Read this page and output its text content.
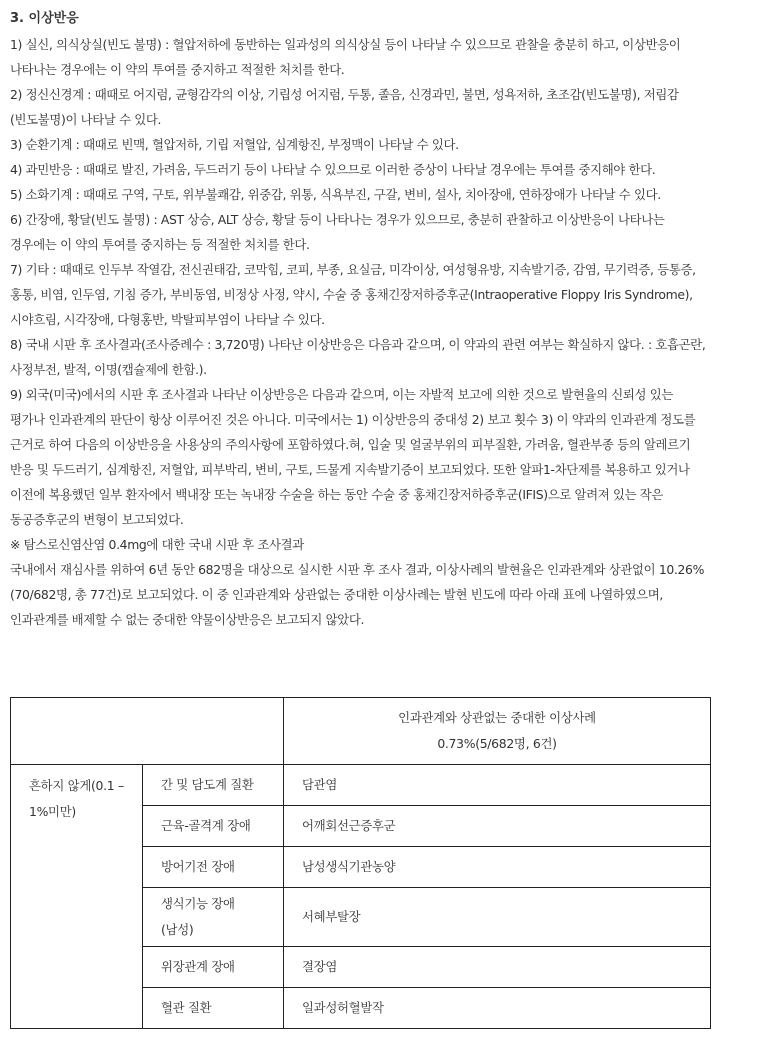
3. 이상반응

1) 실신, 의식상실(빈도 불명) : 혈압저하에 동반하는 일과성의 의식상실 등이 나타날 수 있으므로 관찰을 충분히 하고, 이상반응이 나타나는 경우에는 이 약의 투여를 중지하고 적절한 처치를 한다.

2) 정신신경계 : 때때로 어지럼, 균형감각의 이상, 기립성 어지럼, 두통, 졸음, 신경과민, 불면, 성욕저하, 초조감(빈도불명), 저림감(빈도불명)이 나타날 수 있다.

3) 순환기계 : 때때로 빈맥, 혈압저하, 기립 저혈압, 심계항진, 부정맥이 나타날 수 있다.

4) 과민반응 : 때때로 발진, 가려움, 두드러기 등이 나타날 수 있으므로 이러한 증상이 나타날 경우에는 투여를 중지해야 한다.

5) 소화기계 : 때때로 구역, 구토, 위부불쾌감, 위중감, 위통, 식욕부진, 구갈, 변비, 설사, 치아장애, 연하장애가 나타날 수 있다.

6) 간장애, 황달(빈도 불명) : AST 상승, ALT 상승, 황달 등이 나타나는 경우가 있으므로, 충분히 관찰하고 이상반응이 나타나는 경우에는 이 약의 투여를 중지하는 등 적절한 처치를 한다.

7) 기타 : 때때로 인두부 작열감, 전신권태감, 코막힘, 코피, 부종, 요실금, 미각이상, 여성형유방, 지속발기증, 감염, 무기력증, 등통증, 홍통, 비염, 인두염, 기침 증가, 부비동염, 비정상 사정, 약시, 수술 중 홍채긴장저하증후군(Intraoperative Floppy Iris Syndrome), 시야흐림, 시각장애, 다형홍반, 박탈피부염이 나타날 수 있다.

8) 국내 시판 후 조사결과(조사증례수 : 3,720명) 나타난 이상반응은 다음과 같으며, 이 약과의 관련 여부는 확실하지 않다. : 호흡곤란, 사정부전, 발적, 이명(캡슐제에 한함.).

9) 외국(미국)에서의 시판 후 조사결과 나타난 이상반응은 다음과 같으며, 이는 자발적 보고에 의한 것으로 발현율의 신뢰성 있는 평가나 인과관계의 판단이 항상 이루어진 것은 아니다. 미국에서는 1) 이상반응의 중대성 2) 보고 횟수 3) 이 약과의 인과관계 정도를 근거로 하여 다음의 이상반응을 사용상의 주의사항에 포함하였다.혀, 입술 및 얼굴부위의 피부질환, 가려움, 혈관부종 등의 알레르기 반응 및 두드러기, 심계항진, 저혈압, 피부박리, 변비, 구토, 드물게 지속발기증이 보고되었다. 또한 알파1-차단제를 복용하고 있거나 이전에 복용했던 일부 환자에서 백내장 또는 녹내장 수술을 하는 동안 수술 중 홍채긴장저하증후군(IFIS)으로 알려져 있는 작은 동공증후군의 변형이 보고되었다.

※ 탐스로신염산염 0.4mg에 대한 국내 시판 후 조사결과

국내에서 재심사를 위하여 6년 동안 682명을 대상으로 실시한 시판 후 조사 결과, 이상사례의 발현율은 인과관계와 상관없이 10.26%(70/682명, 총 77건)로 보고되었다. 이 중 인과관계와 상관없는 중대한 이상사례는 발현 빈도에 따라 아래 표에 나열하였으며, 인과관계를 배제할 수 없는 중대한 약물이상반응은 보고되지 않았다.

		인과관계와 상관없는 중대한 이상사례
0.73%(5/682명, 6건)

흔하지 않게(0.1 – 1%미만)	간 및 담도계 질환	담관염
	근육-골격계 장애	어깨회선근증후군
	방어기전 장애	남성생식기관농양
	생식기능 장애(남성)	서혜부탈장
	위장관계 장애	결장염
	혈관 질환	일과성허혈발작
